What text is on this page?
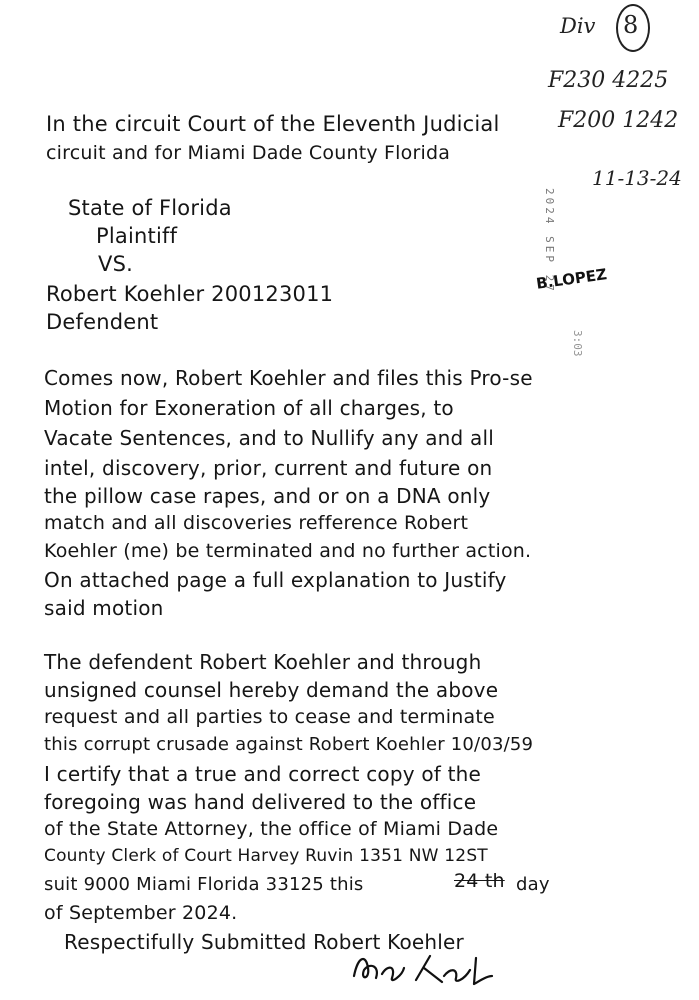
Div 8
F230 4225
F200 1242
11-13-24
2024 SEP 27
3:03
B.LOPEZ
In the circuit Court of the Eleventh Judicial
circuit and for Miami Dade County Florida
State of Florida
Plaintiff
VS.
Robert Koehler 200123011
Defendent
Comes now, Robert Koehler and files this Pro-se
Motion for Exoneration of all charges, to
Vacate Sentences, and to Nullify any and all
intel, discovery, prior, current and future on
the pillow case rapes, and or on a DNA only
match and all discoveries refference Robert
Koehler (me) be terminated and no further action.
On attached page a full explanation to Justify
said motion
The defendent Robert Koehler and through
unsigned counsel hereby demand the above
request and all parties to cease and terminate
this corrupt crusade against Robert Koehler 10/03/59
I certify that a true and correct copy of the
foregoing was hand delivered to the office
of the State Attorney, the office of Miami Dade
County Clerk of Court Harvey Ruvin 1351 NW 12ST
suit 9000 Miami Florida 33125 this	24 th day
of September 2024.
Respectifully Submitted Robert Koehler
